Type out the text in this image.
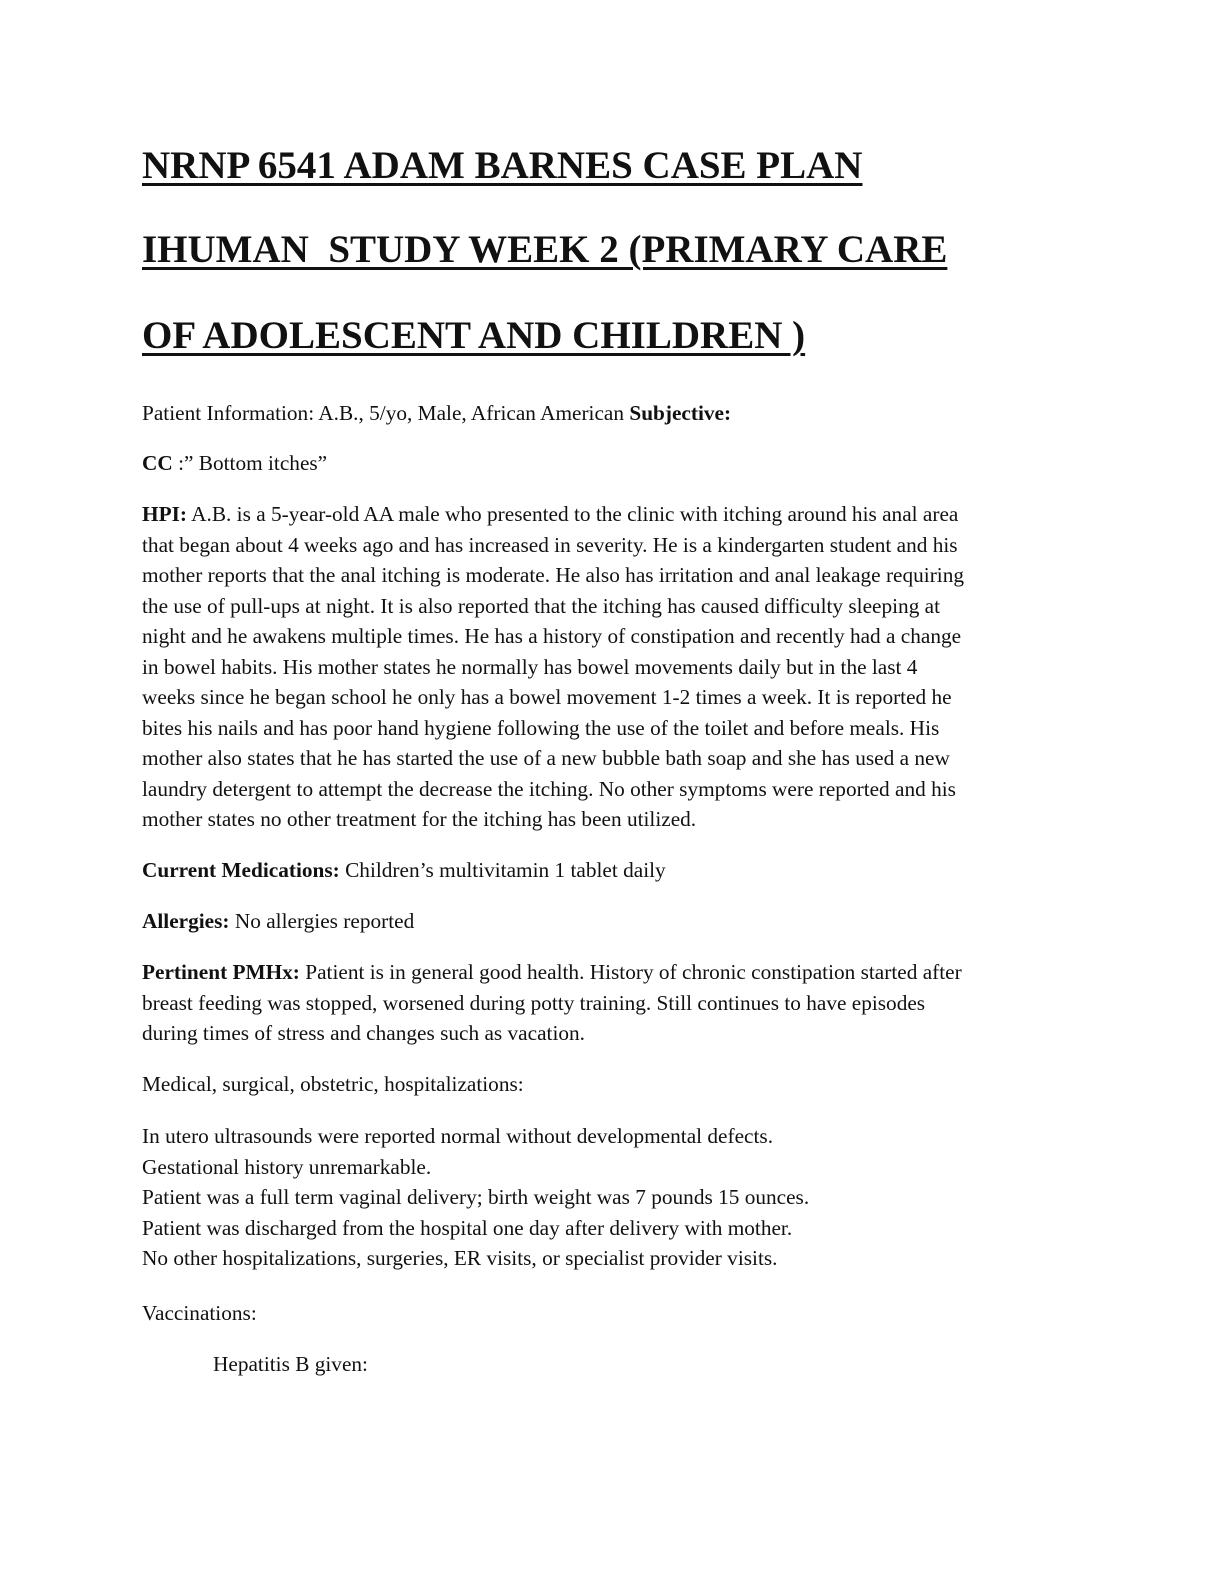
NRNP 6541 ADAM BARNES CASE PLAN
IHUMAN  STUDY WEEK 2 (PRIMARY CARE
OF ADOLESCENT AND CHILDREN )

Patient Information: A.B., 5/yo, Male, African American Subjective:

CC :” Bottom itches”

HPI: A.B. is a 5-year-old AA male who presented to the clinic with itching around his anal area
that began about 4 weeks ago and has increased in severity. He is a kindergarten student and his
mother reports that the anal itching is moderate. He also has irritation and anal leakage requiring
the use of pull-ups at night. It is also reported that the itching has caused difficulty sleeping at
night and he awakens multiple times. He has a history of constipation and recently had a change
in bowel habits. His mother states he normally has bowel movements daily but in the last 4
weeks since he began school he only has a bowel movement 1-2 times a week. It is reported he
bites his nails and has poor hand hygiene following the use of the toilet and before meals. His
mother also states that he has started the use of a new bubble bath soap and she has used a new
laundry detergent to attempt the decrease the itching. No other symptoms were reported and his
mother states no other treatment for the itching has been utilized.

Current Medications: Children’s multivitamin 1 tablet daily

Allergies: No allergies reported

Pertinent PMHx: Patient is in general good health. History of chronic constipation started after
breast feeding was stopped, worsened during potty training. Still continues to have episodes
during times of stress and changes such as vacation.

Medical, surgical, obstetric, hospitalizations:

In utero ultrasounds were reported normal without developmental defects.
Gestational history unremarkable.
Patient was a full term vaginal delivery; birth weight was 7 pounds 15 ounces.
Patient was discharged from the hospital one day after delivery with mother.
No other hospitalizations, surgeries, ER visits, or specialist provider visits.

Vaccinations:

Hepatitis B given:
